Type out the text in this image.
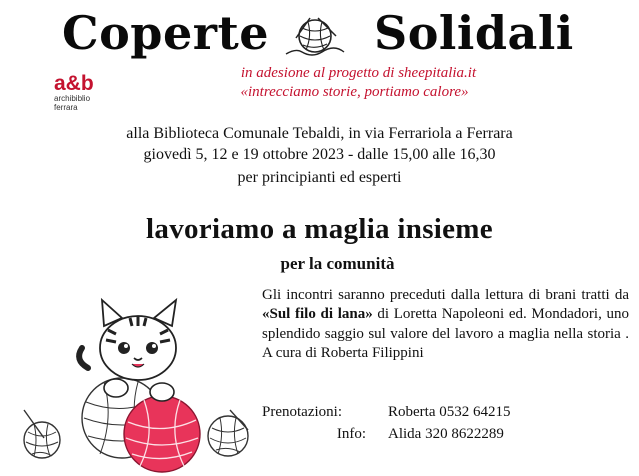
Coperte Solidali
a&b
archibiblio
ferrara
in adesione al progetto di sheepitalia.it
«intrecciamo storie, portiamo calore»
alla Biblioteca Comunale Tebaldi, in via Ferrariola a Ferrara
giovedì 5, 12 e 19 ottobre 2023 - dalle 15,00 alle 16,30
per principianti ed esperti
lavoriamo a maglia insieme
per la comunità
Gli incontri saranno preceduti dalla lettura di brani tratti da «Sul filo di lana» di Loretta Napoleoni ed. Mondadori, uno splendido saggio sul valore del lavoro a maglia nella storia . A cura di Roberta Filippini
Prenotazioni:	Roberta 0532 64215
Info: Alida 320 8622289
